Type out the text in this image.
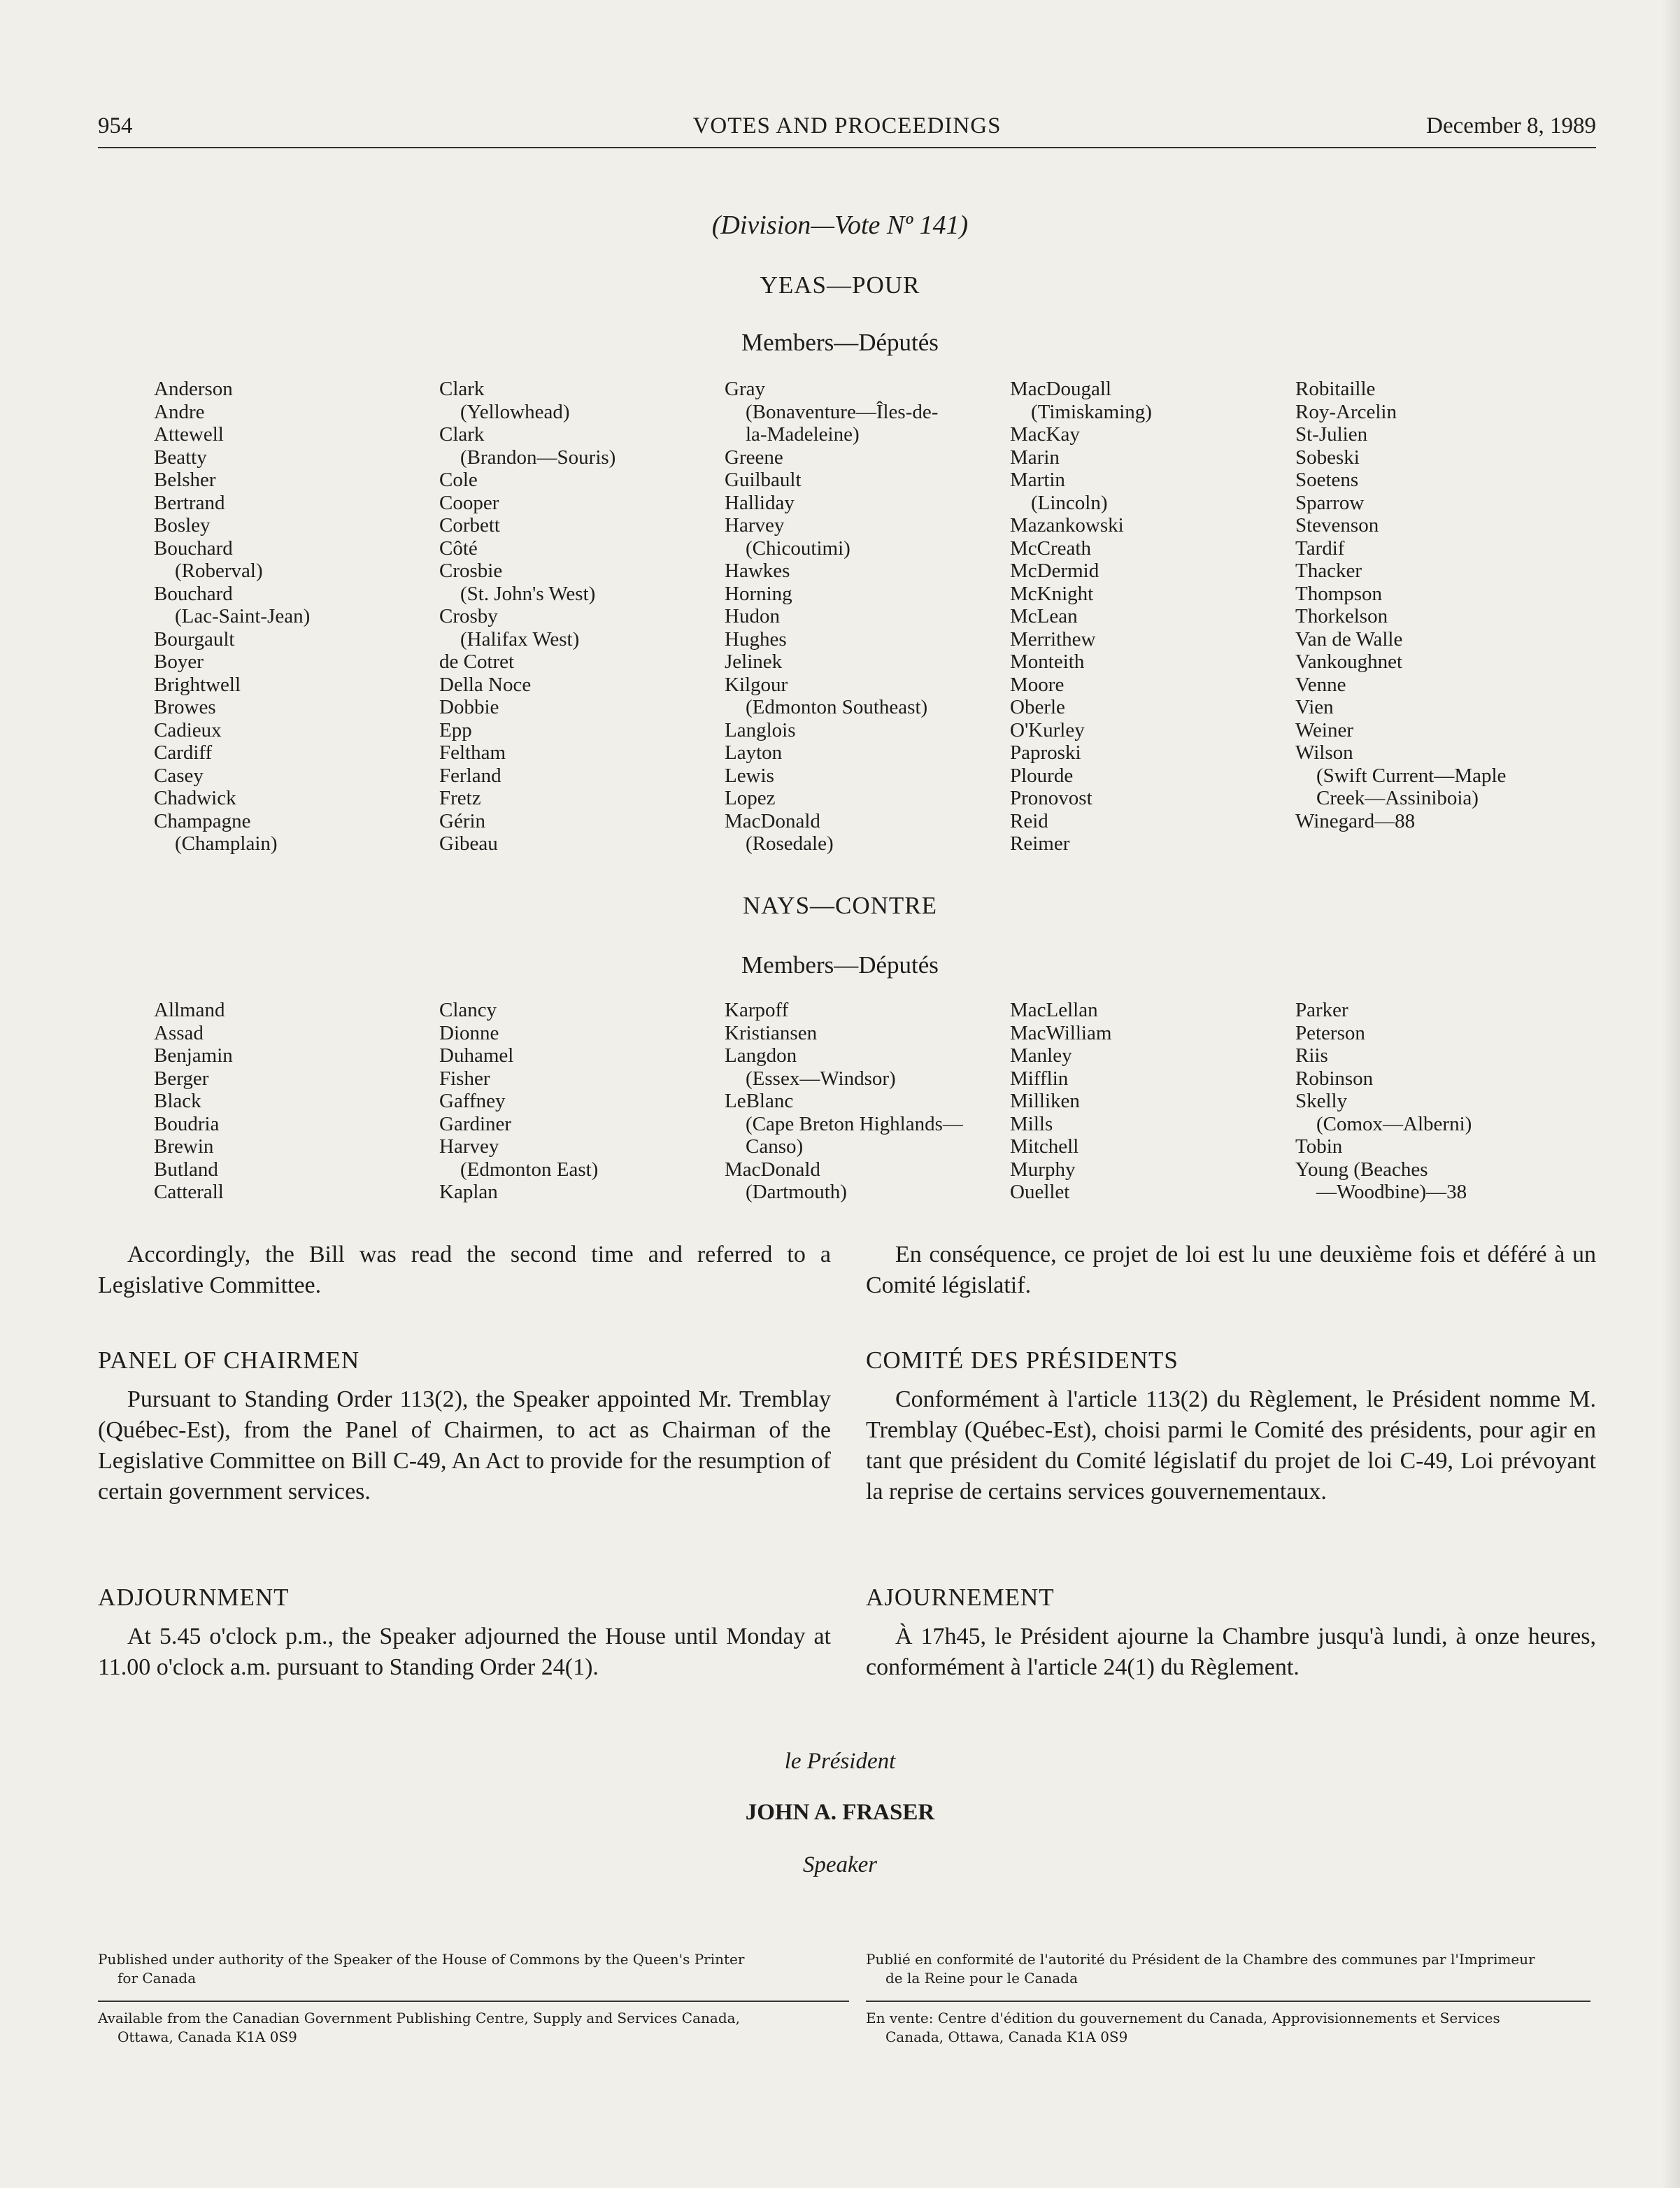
954	VOTES AND PROCEEDINGS	December 8, 1989
(Division—Vote Nº 141)
YEAS—POUR
Members—Députés
Anderson
Andre
Attewell
Beatty
Belsher
Bertrand
Bosley
Bouchard
(Roberval)
Bouchard
(Lac-Saint-Jean)
Bourgault
Boyer
Brightwell
Browes
Cadieux
Cardiff
Casey
Chadwick
Champagne
(Champlain)
Clark
(Yellowhead)
Clark
(Brandon—Souris)
Cole
Cooper
Corbett
Côté
Crosbie
(St. John's West)
Crosby
(Halifax West)
de Cotret
Della Noce
Dobbie
Epp
Feltham
Ferland
Fretz
Gérin
Gibeau
Gray
(Bonaventure—Îles-de-
la-Madeleine)
Greene
Guilbault
Halliday
Harvey
(Chicoutimi)
Hawkes
Horning
Hudon
Hughes
Jelinek
Kilgour
(Edmonton Southeast)
Langlois
Layton
Lewis
Lopez
MacDonald
(Rosedale)
MacDougall
(Timiskaming)
MacKay
Marin
Martin
(Lincoln)
Mazankowski
McCreath
McDermid
McKnight
McLean
Merrithew
Monteith
Moore
Oberle
O'Kurley
Paproski
Plourde
Pronovost
Reid
Reimer
Robitaille
Roy-Arcelin
St-Julien
Sobeski
Soetens
Sparrow
Stevenson
Tardif
Thacker
Thompson
Thorkelson
Van de Walle
Vankoughnet
Venne
Vien
Weiner
Wilson
(Swift Current—Maple
Creek—Assiniboia)
Winegard—88
NAYS—CONTRE
Members—Députés
Allmand
Assad
Benjamin
Berger
Black
Boudria
Brewin
Butland
Catterall
Clancy
Dionne
Duhamel
Fisher
Gaffney
Gardiner
Harvey
(Edmonton East)
Kaplan
Karpoff
Kristiansen
Langdon
(Essex—Windsor)
LeBlanc
(Cape Breton Highlands—
Canso)
MacDonald
(Dartmouth)
MacLellan
MacWilliam
Manley
Mifflin
Milliken
Mills
Mitchell
Murphy
Ouellet
Parker
Peterson
Riis
Robinson
Skelly
(Comox—Alberni)
Tobin
Young (Beaches
—Woodbine)—38
Accordingly, the Bill was read the second time and referred to a Legislative Committee.
PANEL OF CHAIRMEN
Pursuant to Standing Order 113(2), the Speaker appointed Mr. Tremblay (Québec-Est), from the Panel of Chairmen, to act as Chairman of the Legislative Committee on Bill C-49, An Act to provide for the resumption of certain government services.
ADJOURNMENT
At 5.45 o'clock p.m., the Speaker adjourned the House until Monday at 11.00 o'clock a.m. pursuant to Standing Order 24(1).
En conséquence, ce projet de loi est lu une deuxième fois et déféré à un Comité législatif.
COMITÉ DES PRÉSIDENTS
Conformément à l'article 113(2) du Règlement, le Président nomme M. Tremblay (Québec-Est), choisi parmi le Comité des présidents, pour agir en tant que président du Comité législatif du projet de loi C-49, Loi prévoyant la reprise de certains services gouvernementaux.
AJOURNEMENT
À 17h45, le Président ajourne la Chambre jusqu'à lundi, à onze heures, conformément à l'article 24(1) du Règlement.
le Président
JOHN A. FRASER
Speaker
Published under authority of the Speaker of the House of Commons by the Queen's Printer
for Canada
Publié en conformité de l'autorité du Président de la Chambre des communes par l'Imprimeur
de la Reine pour le Canada
Available from the Canadian Government Publishing Centre, Supply and Services Canada,
Ottawa, Canada K1A 0S9
En vente: Centre d'édition du gouvernement du Canada, Approvisionnements et Services
Canada, Ottawa, Canada K1A 0S9
